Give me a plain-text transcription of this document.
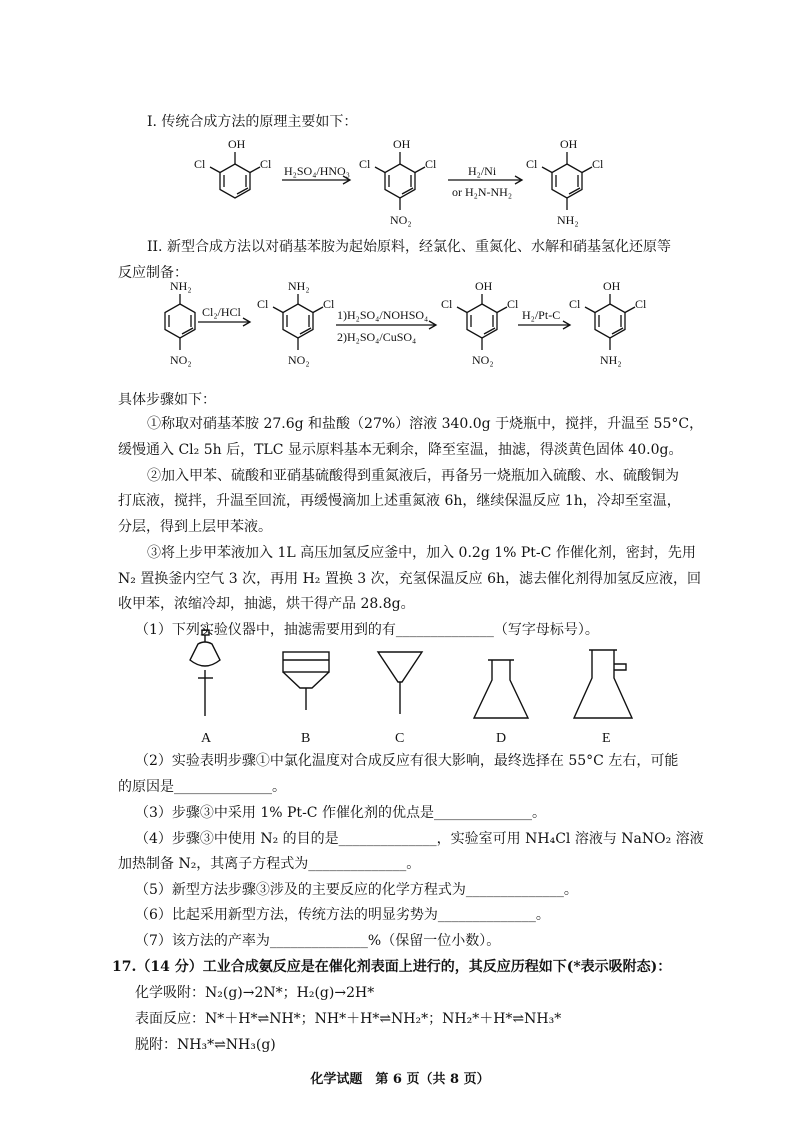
I. 传统合成方法的原理主要如下：
OH
Cl	Cl H₂SO₄/HNO₃
OH
Cl	Cl
NO₂
H₂/Ni
or H₂N-NH₂
OH
Cl	Cl
NH₂
II. 新型合成方法以对硝基苯胺为起始原料，经氯化、重氮化、水解和硝基氢化还原等
反应制备：
NH₂
NO₂
Cl₂/HCl
NH₂
Cl	Cl
NO₂
1)H₂SO₄/NOHSO₄
2)H₂SO₄/CuSO₄
OH
Cl	Cl
NO₂
H₂/Pt-C
OH
Cl	Cl
NH₂
具体步骤如下：
①称取对硝基苯胺 27.6g 和盐酸（27%）溶液 340.0g 于烧瓶中，搅拌，升温至 55°C，
缓慢通入 Cl₂ 5h 后，TLC 显示原料基本无剩余，降至室温，抽滤，得淡黄色固体 40.0g。
②加入甲苯、硫酸和亚硝基硫酸得到重氮液后，再备另一烧瓶加入硫酸、水、硫酸铜为
打底液，搅拌，升温至回流，再缓慢滴加上述重氮液 6h，继续保温反应 1h，冷却至室温，
分层，得到上层甲苯液。
③将上步甲苯液加入 1L 高压加氢反应釜中，加入 0.2g 1% Pt-C 作催化剂，密封，先用
N₂ 置换釜内空气 3 次，再用 H₂ 置换 3 次，充氢保温反应 6h，滤去催化剂得加氢反应液，回
收甲苯，浓缩冷却，抽滤，烘干得产品 28.8g。
（1）下列实验仪器中，抽滤需要用到的有______________（写字母标号）。
A	B	C	D	E
（2）实验表明步骤①中氯化温度对合成反应有很大影响，最终选择在 55°C 左右，可能
的原因是______________。
（3）步骤③中采用 1% Pt-C 作催化剂的优点是______________。
（4）步骤③中使用 N₂ 的目的是______________，实验室可用 NH₄Cl 溶液与 NaNO₂ 溶液
加热制备 N₂，其离子方程式为______________。
（5）新型方法步骤③涉及的主要反应的化学方程式为______________。
（6）比起采用新型方法，传统方法的明显劣势为______________。
（7）该方法的产率为______________%（保留一位小数）。
17.（14 分）工业合成氨反应是在催化剂表面上进行的，其反应历程如下(*表示吸附态)：
化学吸附：N₂(g)→2N*；H₂(g)→2H*
表面反应：N*＋H*⇌NH*；NH*＋H*⇌NH₂*；NH₂*＋H*⇌NH₃*
脱附：NH₃*⇌NH₃(g)
化学试题　第 6 页（共 8 页）
